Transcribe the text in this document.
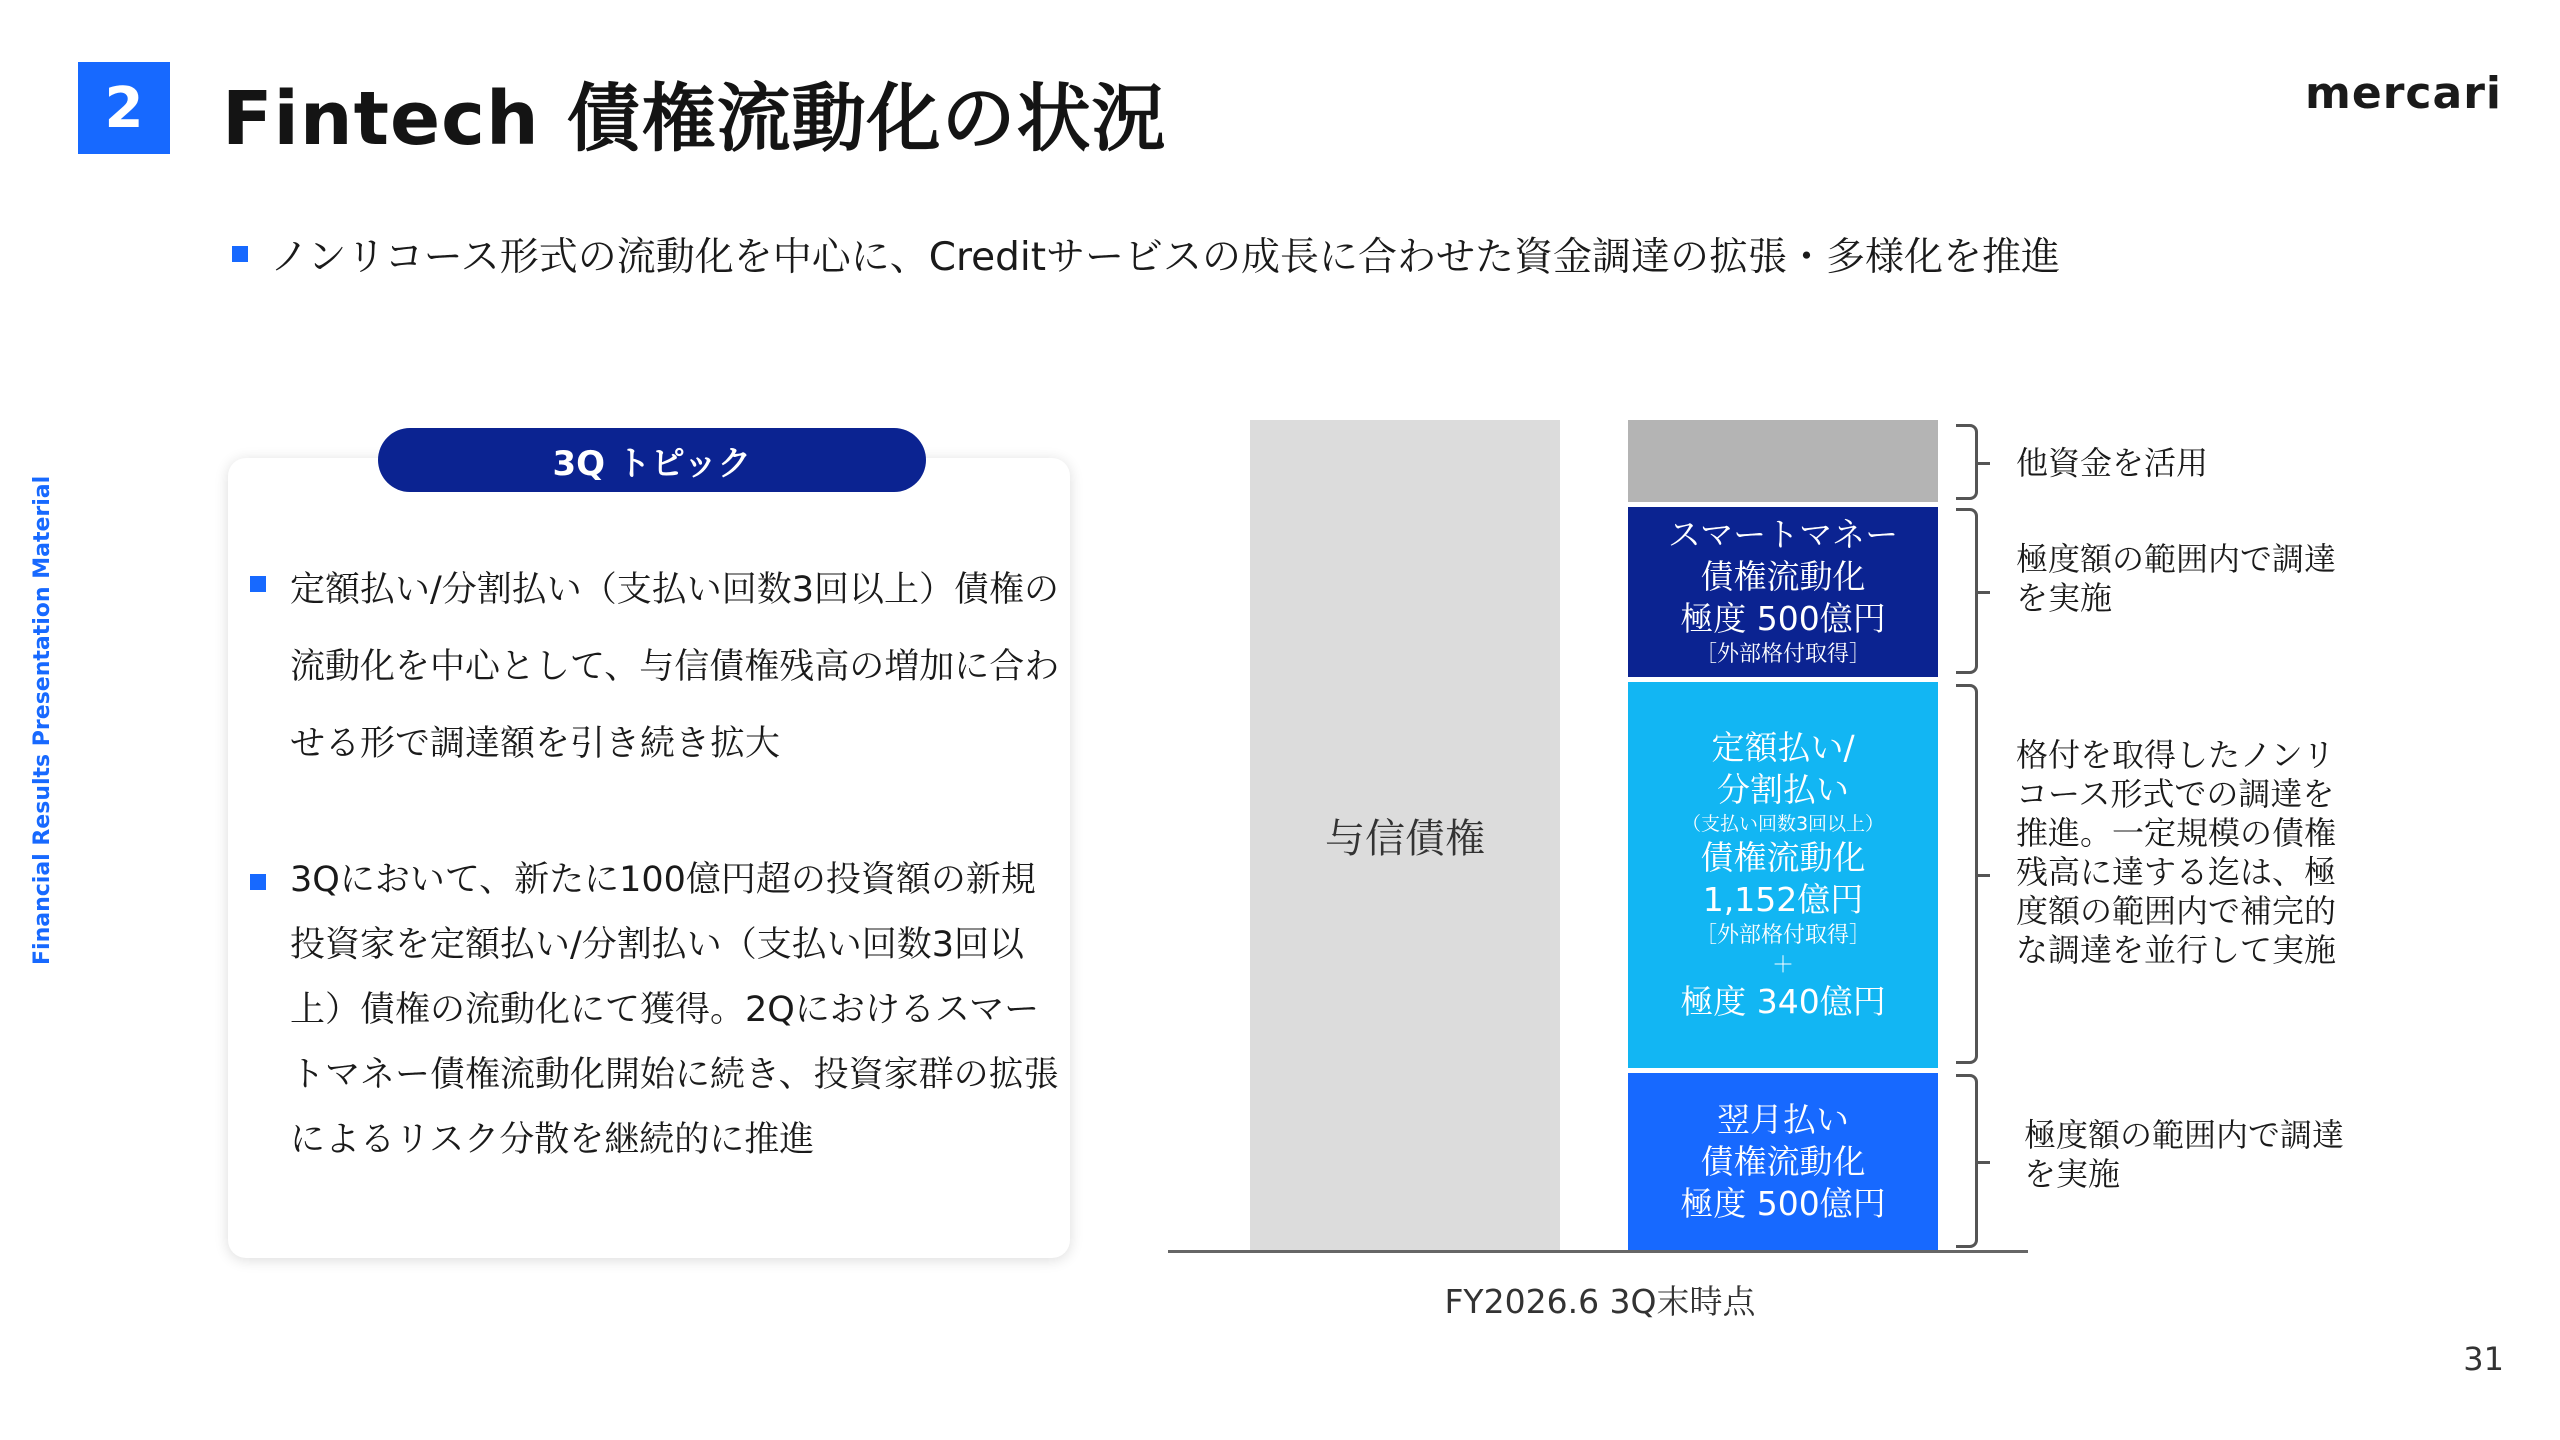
2	Fintech 債権流動化の状況	mercari
Financial Results Presentation Material
ノンリコース形式の流動化を中心に、Creditサービスの成長に合わせた資金調達の拡張・多様化を推進
3Q トピック
定額払い/分割払い（支払い回数3回以上）債権の流動化を中心として、与信債権残高の増加に合わせる形で調達額を引き続き拡大
3Qにおいて、新たに100億円超の投資額の新規投資家を定額払い/分割払い（支払い回数3回以上）債権の流動化にて獲得。2Qにおけるスマートマネー債権流動化開始に続き、投資家群の拡張によるリスク分散を継続的に推進
与信債権
スマートマネー
債権流動化
極度 500億円
［外部格付取得］
定額払い/
分割払い
（支払い回数3回以上）
債権流動化
1,152億円
［外部格付取得］
＋
極度 340億円
翌月払い
債権流動化
極度 500億円
FY2026.6 3Q末時点
他資金を活用
極度額の範囲内で調達を実施
格付を取得したノンリコース形式での調達を推進。一定規模の債権残高に達する迄は、極度額の範囲内で補完的な調達を並行して実施
極度額の範囲内で調達を実施
31
